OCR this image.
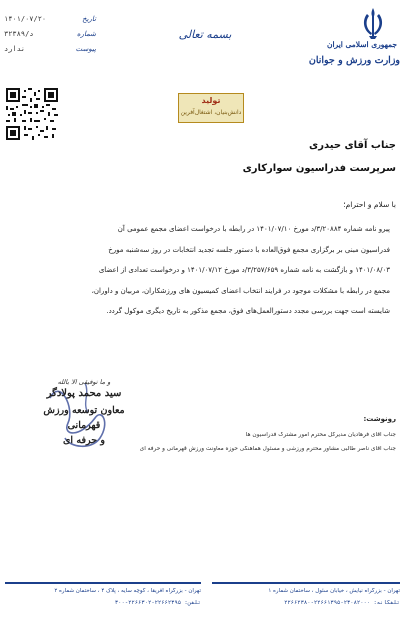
جمهوری اسلامی ایران
وزارت ورزش و جوانان
بسمه تعالی
۱۴۰۱/۰۷/۲۰	تاریخ
۳۲۳۸۹/د	شماره
ندارد	پیوست
تولید
دانش‌بنیان، اشتغال‌آفرین
جناب آقای حیدری
سرپرست فدراسیون سوارکاری
با سلام و احترام؛
پیرو نامه شماره ۳/۲۰۸۸۴/د مورخ ۱۴۰۱/۰۷/۱۰ در رابطه با درخواست اعضای مجمع عمومی آن
فدراسیون مبنی بر برگزاری مجمع فوق‌العاده با دستور جلسه تجدید انتخابات در روز سه‌شنبه مورخ
۱۴۰۱/۰۸/۰۳ و بازگشت به نامه شماره ۳/۲۵۷/۶۵۹/د مورخ ۱۴۰۱/۰۷/۱۲ و درخواست تعدادی از اعضای
مجمع در رابطه با مشکلات موجود در فرایند انتخاب اعضای کمیسیون های ورزشکاران، مربیان و داوران،
شایسته است جهت بررسی مجدد دستورالعمل‌های فوق، مجمع مذکور به تاریخ دیگری موکول گردد.
و ما توفیقی الا بالله
سید محمد پولادگر
معاون توسعه ورزش قهرمانی
و حرفه ای
رونوشت:
جناب آقای فرهادیان مدیرکل محترم امور مشترک فدراسیون ها
جناب آقای ناصر طالبی مشاور محترم ورزشی و مسئول هماهنگی حوزه معاونت ورزش قهرمانی و حرفه ای
تهران - بزرگراه نیایش ، خیابان سئول ، ساختمان شماره ۱
تلفکانه: ۲۳۰۸۲۰۰۰-۲۲۶۶۱۳۹۵-۲۲۶۶۲۳۸۰
تهران - بزرگراه آفریقا ، کوچه سایه ، پلاک ۴ ، ساختمان شماره ۲
تلفن: ۲۲۶۶۲۳۹۵-۲۲۶۶۳۰۲-۳۰۰
